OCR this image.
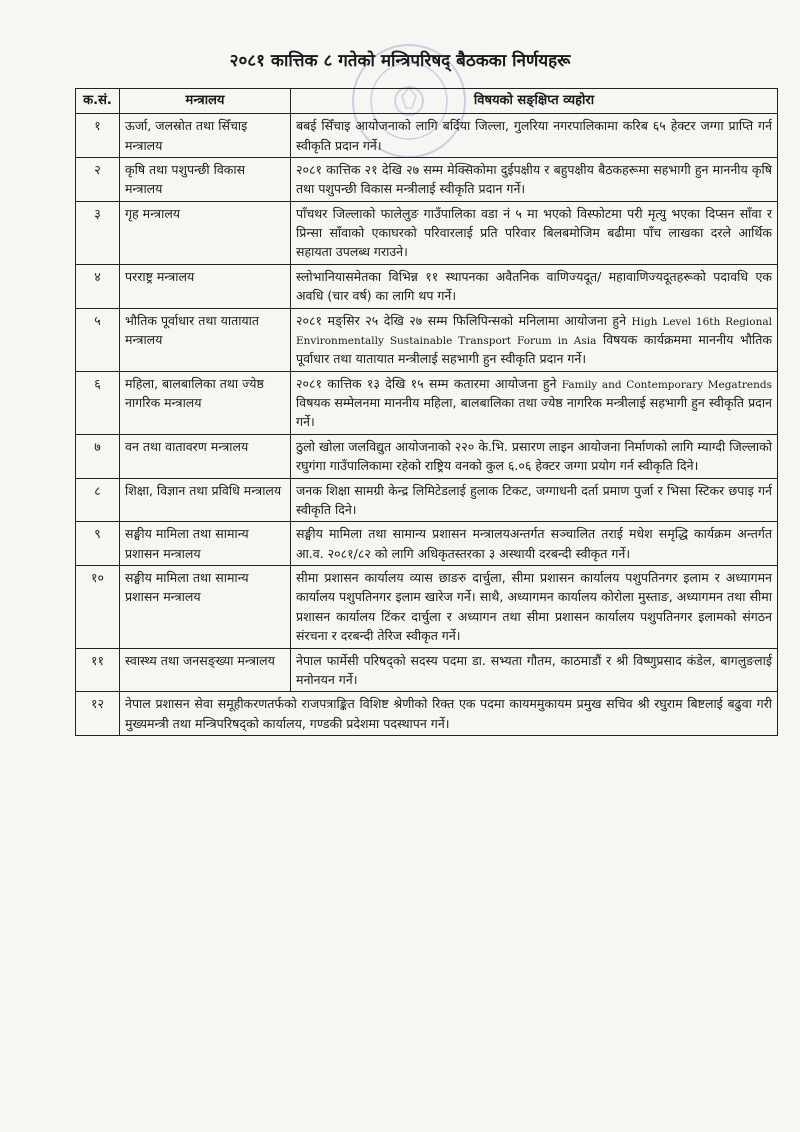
२०८१ कात्तिक ८ गतेको मन्त्रिपरिषद् बैठकका निर्णयहरू
क.सं.	मन्त्रालय	विषयको सङ्क्षिप्त व्यहोरा
१	ऊर्जा, जलस्रोत तथा सिँचाइ मन्त्रालय	बबई सिँचाइ आयोजनाको लागि बर्दिया जिल्ला, गुलरिया नगरपालिकामा करिब ६५ हेक्टर जग्गा प्राप्ति गर्न स्वीकृति प्रदान गर्ने।
२	कृषि तथा पशुपन्छी विकास मन्त्रालय	२०८१ कात्तिक २१ देखि २७ सम्म मेक्सिकोमा दुईपक्षीय र बहुपक्षीय बैठकहरूमा सहभागी हुन माननीय कृषि तथा पशुपन्छी विकास मन्त्रीलाई स्वीकृति प्रदान गर्ने।
३	गृह मन्त्रालय	पाँचथर जिल्लाको फालेलुङ गाउँपालिका वडा नं ५ मा भएको विस्फोटमा परी मृत्यु भएका दिप्सन साँवा र प्रिन्सा साँवाको एकाघरको परिवारलाई प्रति परिवार बिलबमोजिम बढीमा पाँच लाखका दरले आर्थिक सहायता उपलब्ध गराउने।
४	परराष्ट्र मन्त्रालय	स्लोभानियासमेतका विभिन्न ११ स्थापनका अवैतनिक वाणिज्यदूत/ महावाणिज्यदूतहरूको पदावधि एक अवधि (चार वर्ष) का लागि थप गर्ने।
५	भौतिक पूर्वाधार तथा यातायात मन्त्रालय	२०८१ मङ्सिर २५ देखि २७ सम्म फिलिपिन्सको मनिलामा आयोजना हुने High Level 16th Regional Environmentally Sustainable Transport Forum in Asia विषयक कार्यक्रममा माननीय भौतिक पूर्वाधार तथा यातायात मन्त्रीलाई सहभागी हुन स्वीकृति प्रदान गर्ने।
६	महिला, बालबालिका तथा ज्येष्ठ नागरिक मन्त्रालय	२०८१ कात्तिक १३ देखि १५ सम्म कतारमा आयोजना हुने Family and Contemporary Megatrends विषयक सम्मेलनमा माननीय महिला, बालबालिका तथा ज्येष्ठ नागरिक मन्त्रीलाई सहभागी हुन स्वीकृति प्रदान गर्ने।
७	वन तथा वातावरण मन्त्रालय	ठुलो खोला जलविद्युत आयोजनाको २२० के.भि. प्रसारण लाइन आयोजना निर्माणको लागि म्याग्दी जिल्लाको रघुगंगा गाउँपालिकामा रहेको राष्ट्रिय वनको कुल ६.०६ हेक्टर जग्गा प्रयोग गर्न स्वीकृति दिने।
८	शिक्षा, विज्ञान तथा प्रविधि मन्त्रालय	जनक शिक्षा सामग्री केन्द्र लिमिटेडलाई हुलाक टिकट, जग्गाधनी दर्ता प्रमाण पुर्जा र भिसा स्टिकर छपाइ गर्न स्वीकृति दिने।
९	सङ्घीय मामिला तथा सामान्य प्रशासन मन्त्रालय	सङ्घीय मामिला तथा सामान्य प्रशासन मन्त्रालयअन्तर्गत सञ्चालित तराई मधेश समृद्धि कार्यक्रम अन्तर्गत आ.व. २०८१/८२ को लागि अधिकृतस्तरका ३ अस्थायी दरबन्दी स्वीकृत गर्ने।
१०	सङ्घीय मामिला तथा सामान्य प्रशासन मन्त्रालय	सीमा प्रशासन कार्यालय व्यास छाङरु दार्चुला, सीमा प्रशासन कार्यालय पशुपतिनगर इलाम र अध्यागमन कार्यालय पशुपतिनगर इलाम खारेज गर्ने। साथै, अध्यागमन कार्यालय कोरोला मुस्ताङ, अध्यागमन तथा सीमा प्रशासन कार्यालय टिंकर दार्चुला र अध्यागन तथा सीमा प्रशासन कार्यालय पशुपतिनगर इलामको संगठन संरचना र दरबन्दी तेरिज स्वीकृत गर्ने।
११	स्वास्थ्य तथा जनसङ्ख्या मन्त्रालय	नेपाल फार्मेसी परिषद्को सदस्य पदमा डा. सभ्यता गौतम, काठमाडौं र श्री विष्णुप्रसाद कंडेल, बागलुङलाई मनोनयन गर्ने।
१२	नेपाल प्रशासन सेवा समूहीकरणतर्फको राजपत्राङ्कित विशिष्ट श्रेणीको रिक्त एक पदमा कायममुकायम प्रमुख सचिव श्री रघुराम बिष्टलाई बढुवा गरी मुख्यमन्त्री तथा मन्त्रिपरिषद्को कार्यालय, गण्डकी प्रदेशमा पदस्थापन गर्ने।	
